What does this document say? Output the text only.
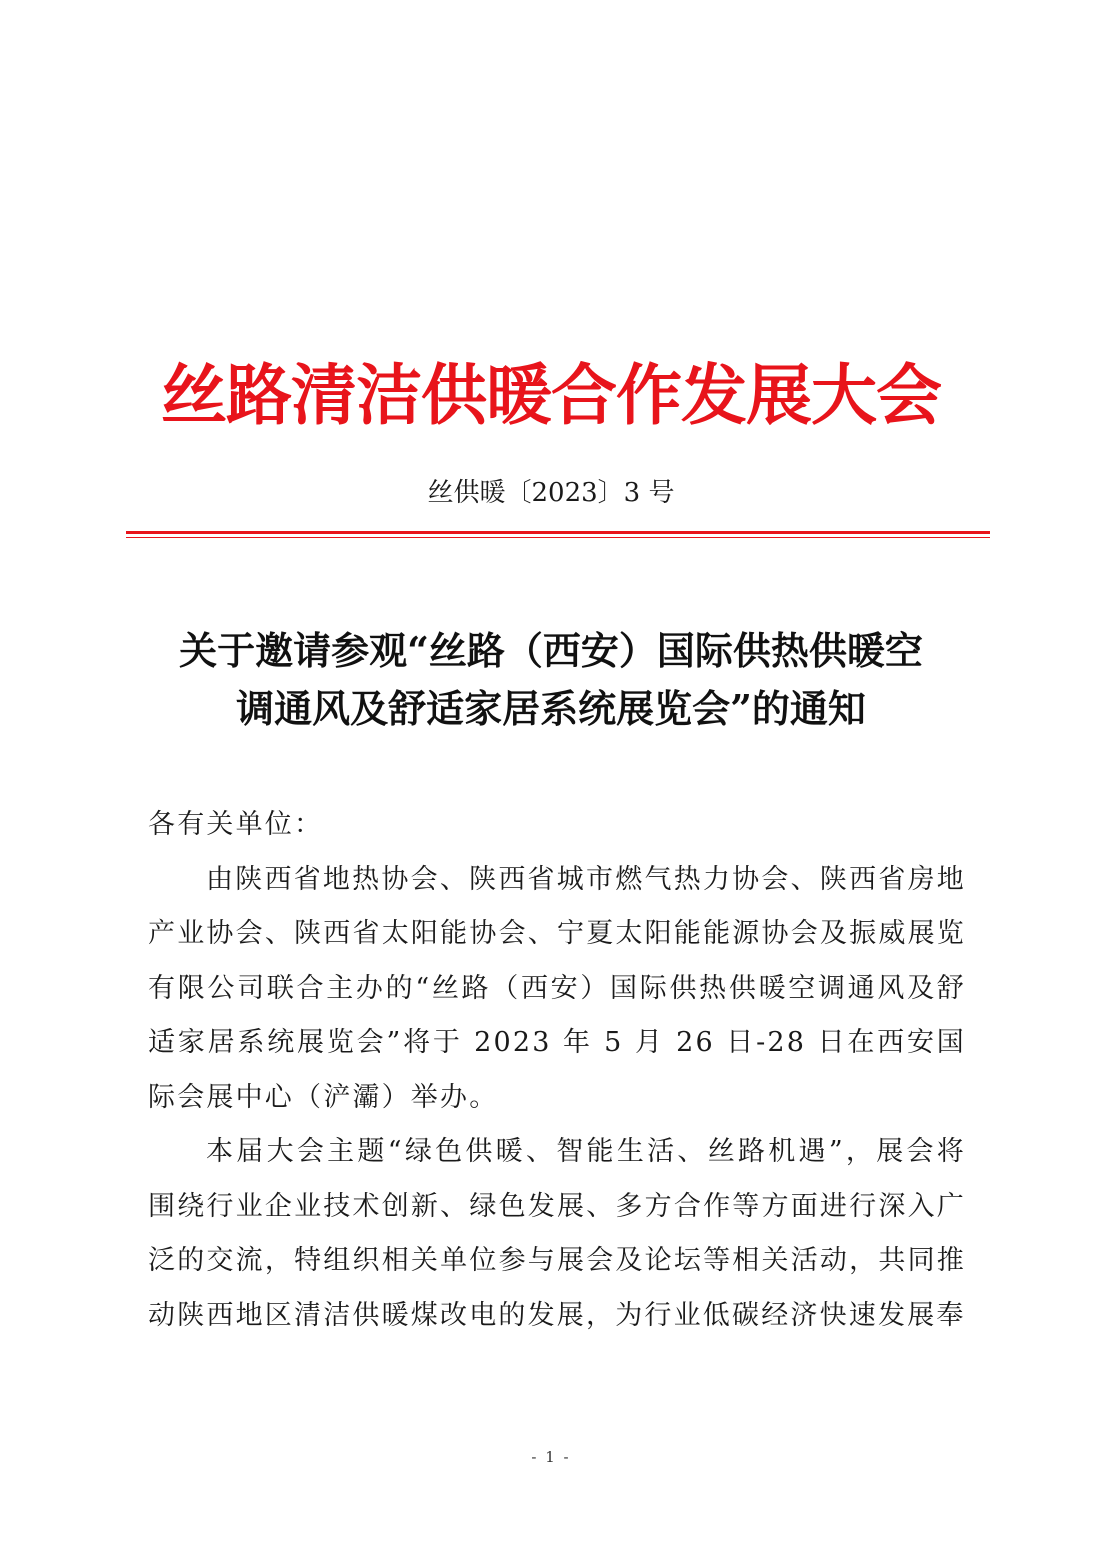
丝路清洁供暖合作发展大会
丝供暖〔2023〕3 号
关于邀请参观“丝路（西安）国际供热供暖空
调通风及舒适家居系统展览会”的通知

各有关单位：

由陕西省地热协会、陕西省城市燃气热力协会、陕西省房地产业协会、陕西省太阳能协会、宁夏太阳能能源协会及振威展览有限公司联合主办的“丝路（西安）国际供热供暖空调通风及舒适家居系统展览会”将于 2023 年 5 月 26 日-28 日在西安国际会展中心（浐灞）举办。

本届大会主题“绿色供暖、智能生活、丝路机遇”，展会将围绕行业企业技术创新、绿色发展、多方合作等方面进行深入广泛的交流，特组织相关单位参与展会及论坛等相关活动，共同推动陕西地区清洁供暖煤改电的发展，为行业低碳经济快速发展奉

- 1 -
